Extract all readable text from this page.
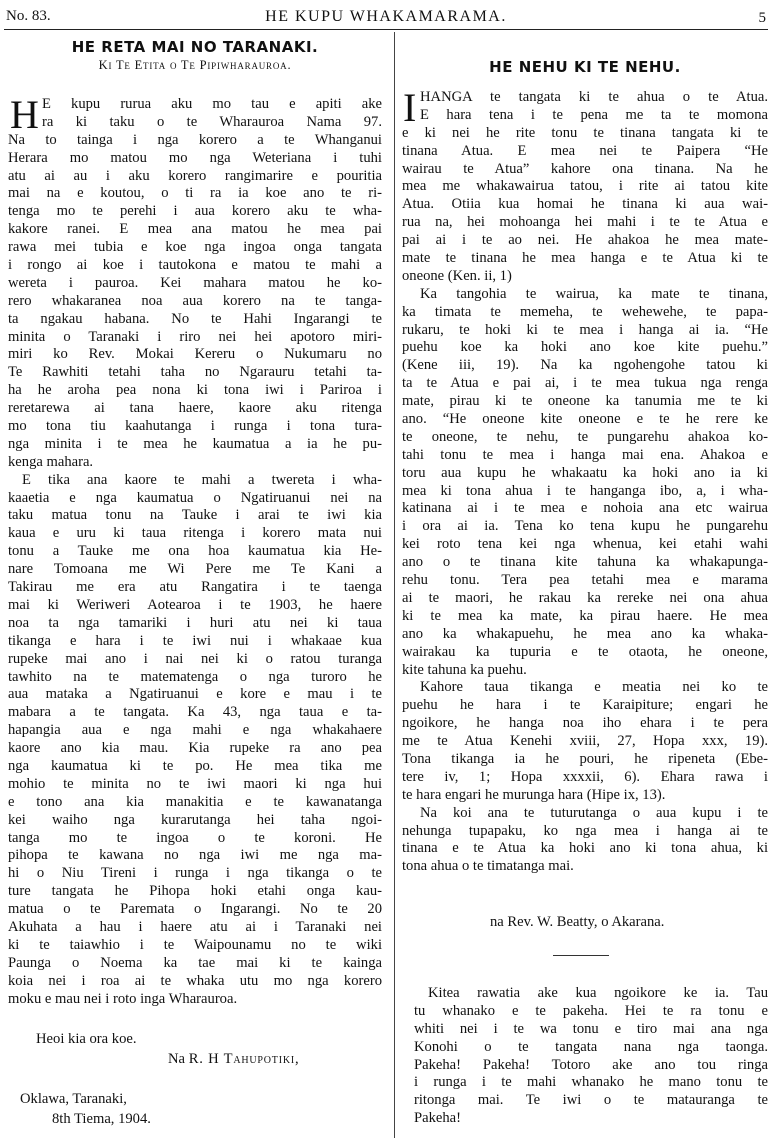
No. 83.	HE KUPU WHAKAMARAMA.	5
HE RETA MAI NO TARANAKI.
Ki Te Etita o Te Pipiwharauroa.
H E kupu rurua aku mo tau e apiti ake
ra ki taku o te Wharauroa Nama 97.
Na to tainga i nga korero a te Whanganui
Herara mo matou mo nga Weteriana i tuhi
atu ai au i aku korero rangimarire e pouritia
mai na e koutou, o ti ra ia koe ano te ri-
tenga mo te perehi i aua korero aku te wha-
kakore ranei. E mea ana matou he mea pai
rawa mei tubia e koe nga ingoa onga tangata
i rongo ai koe i tautokona e matou te mahi a
wereta i pauroa. Kei mahara matou he ko-
rero whakaranea noa aua korero na te tanga-
ta ngakau habana. No te Hahi Ingarangi te
minita o Taranaki i riro nei hei apotoro miri-
miri ko Rev. Mokai Kereru o Nukumaru no
Te Rawhiti tetahi taha no Ngarauru tetahi ta-
ha he aroha pea nona ki tona iwi i Pariroa i
reretarewa ai tana haere, kaore aku ritenga
mo tona tiu kaahutanga i runga i tona tura-
nga minita i te mea he kaumatua a ia he pu-
kenga mahara.
E tika ana kaore te mahi a twereta i wha-
kaaetia e nga kaumatua o Ngatiruanui nei na
taku matua tonu na Tauke i arai te iwi kia
kaua e uru ki taua ritenga i korero mata nui
tonu a Tauke me ona hoa kaumatua kia He-
nare Tomoana me Wi Pere me Te Kani a
Takirau me era atu Rangatira i te taenga
mai ki Weriweri Aotearoa i te 1903, he haere
noa ta nga tamariki i huri atu nei ki taua
tikanga e hara i te iwi nui i whakaae kua
rupeke mai ano i nai nei ki o ratou turanga
tawhito na te matematenga o nga turoro he
aua mataka a Ngatiruanui e kore e mau i te
mabara a te tangata. Ka 43, nga taua e ta-
hapangia aua e nga mahi e nga whakahaere
kaore ano kia mau. Kia rupeke ra ano pea
nga kaumatua ki te po. He mea tika me
mohio te minita no te iwi maori ki nga hui
e tono ana kia manakitia e te kawanatanga
kei waiho nga kurarutanga hei taha ngoi-
tanga mo te ingoa o te koroni. He
pihopa te kawana no nga iwi me nga ma-
hi o Niu Tireni i runga i nga tikanga o te
ture tangata he Pihopa hoki etahi onga kau-
matua o te Paremata o Ingarangi. No te 20
Akuhata a hau i haere atu ai i Taranaki nei
ki te taiawhio i te Waipounamu no te wiki
Paunga o Noema ka tae mai ki te kainga
koia nei i roa ai te whaka utu mo nga korero
moku e mau nei i roto inga Wharauroa.
Heoi kia ora koe.
Na R. H Tahupotiki,
Oklawa, Taranaki,
8th Tiema, 1904.
HE NEHU KI TE NEHU.
I HANGA te tangata ki te ahua o te Atua.
E hara tena i te pena me ta te momona
e ki nei he rite tonu te tinana tangata ki te
tinana Atua. E mea nei te Paipera “He
wairau te Atua” kahore ona tinana. Na he
mea me whakawairua tatou, i rite ai tatou kite
Atua. Otiia kua homai he tinana ki aua wai-
rua na, hei mohoanga hei mahi i te te Atua e
pai ai i te ao nei. He ahakoa he mea mate-
mate te tinana he mea hanga e te Atua ki te
oneone (Ken. ii, 1)
Ka tangohia te wairua, ka mate te tinana,
ka timata te memeha, te wehewehe, te papa-
rukaru, te hoki ki te mea i hanga ai ia. “He
puehu koe ka hoki ano koe kite puehu.”
(Kene iii, 19). Na ka ngohengohe tatou ki
ta te Atua e pai ai, i te mea tukua nga renga
mate, pirau ki te oneone ka tanumia me te ki
ano. “He oneone kite oneone e te he rere ke
te oneone, te nehu, te pungarehu ahakoa ko-
tahi tonu te mea i hanga mai ena. Ahakoa e
toru aua kupu he whakaatu ka hoki ano ia ki
mea ki tona ahua i te hanganga ibo, a, i wha-
katinana ai i te mea e nohoia ana etc wairua
i ora ai ia. Tena ko tena kupu he pungarehu
kei roto tena kei nga whenua, kei etahi wahi
ano o te tinana kite tahuna ka whakapunga-
rehu tonu. Tera pea tetahi mea e marama
ai te maori, he rakau ka rereke nei ona ahua
ki te mea ka mate, ka pirau haere. He mea
ano ka whakapuehu, he mea ano ka whaka-
wairakau ka tupuria e te otaota, he oneone,
kite tahuna ka puehu.
Kahore taua tikanga e meatia nei ko te
puehu he hara i te Karaipiture; engari he
ngoikore, he hanga noa iho ehara i te pera
me te Atua Kenehi xviii, 27, Hopa xxx, 19).
Tona tikanga ia he pouri, he ripeneta (Ebe-
tere iv, 1; Hopa xxxxii, 6). Ehara rawa i
te hara engari he murunga hara (Hipe ix, 13).
Na koi ana te tuturutanga o aua kupu i te
nehunga tupapaku, ko nga mea i hanga ai te
tinana e te Atua ka hoki ano ki tona ahua, ki
tona ahua o te timatanga mai.
na Rev. W. Beatty, o Akarana.
Kitea rawatia ake kua ngoikore ke ia. Tau
tu whanako e te pakeha. Hei te ra tonu e
whiti nei i te wa tonu e tiro mai ana nga
Konohi o te tangata nana nga taonga.
Pakeha! Pakeha! Totoro ake ano tou ringa
i runga i te mahi whanako he mano tonu te
ritonga mai. Te iwi o te matauranga te
Pakeha!
